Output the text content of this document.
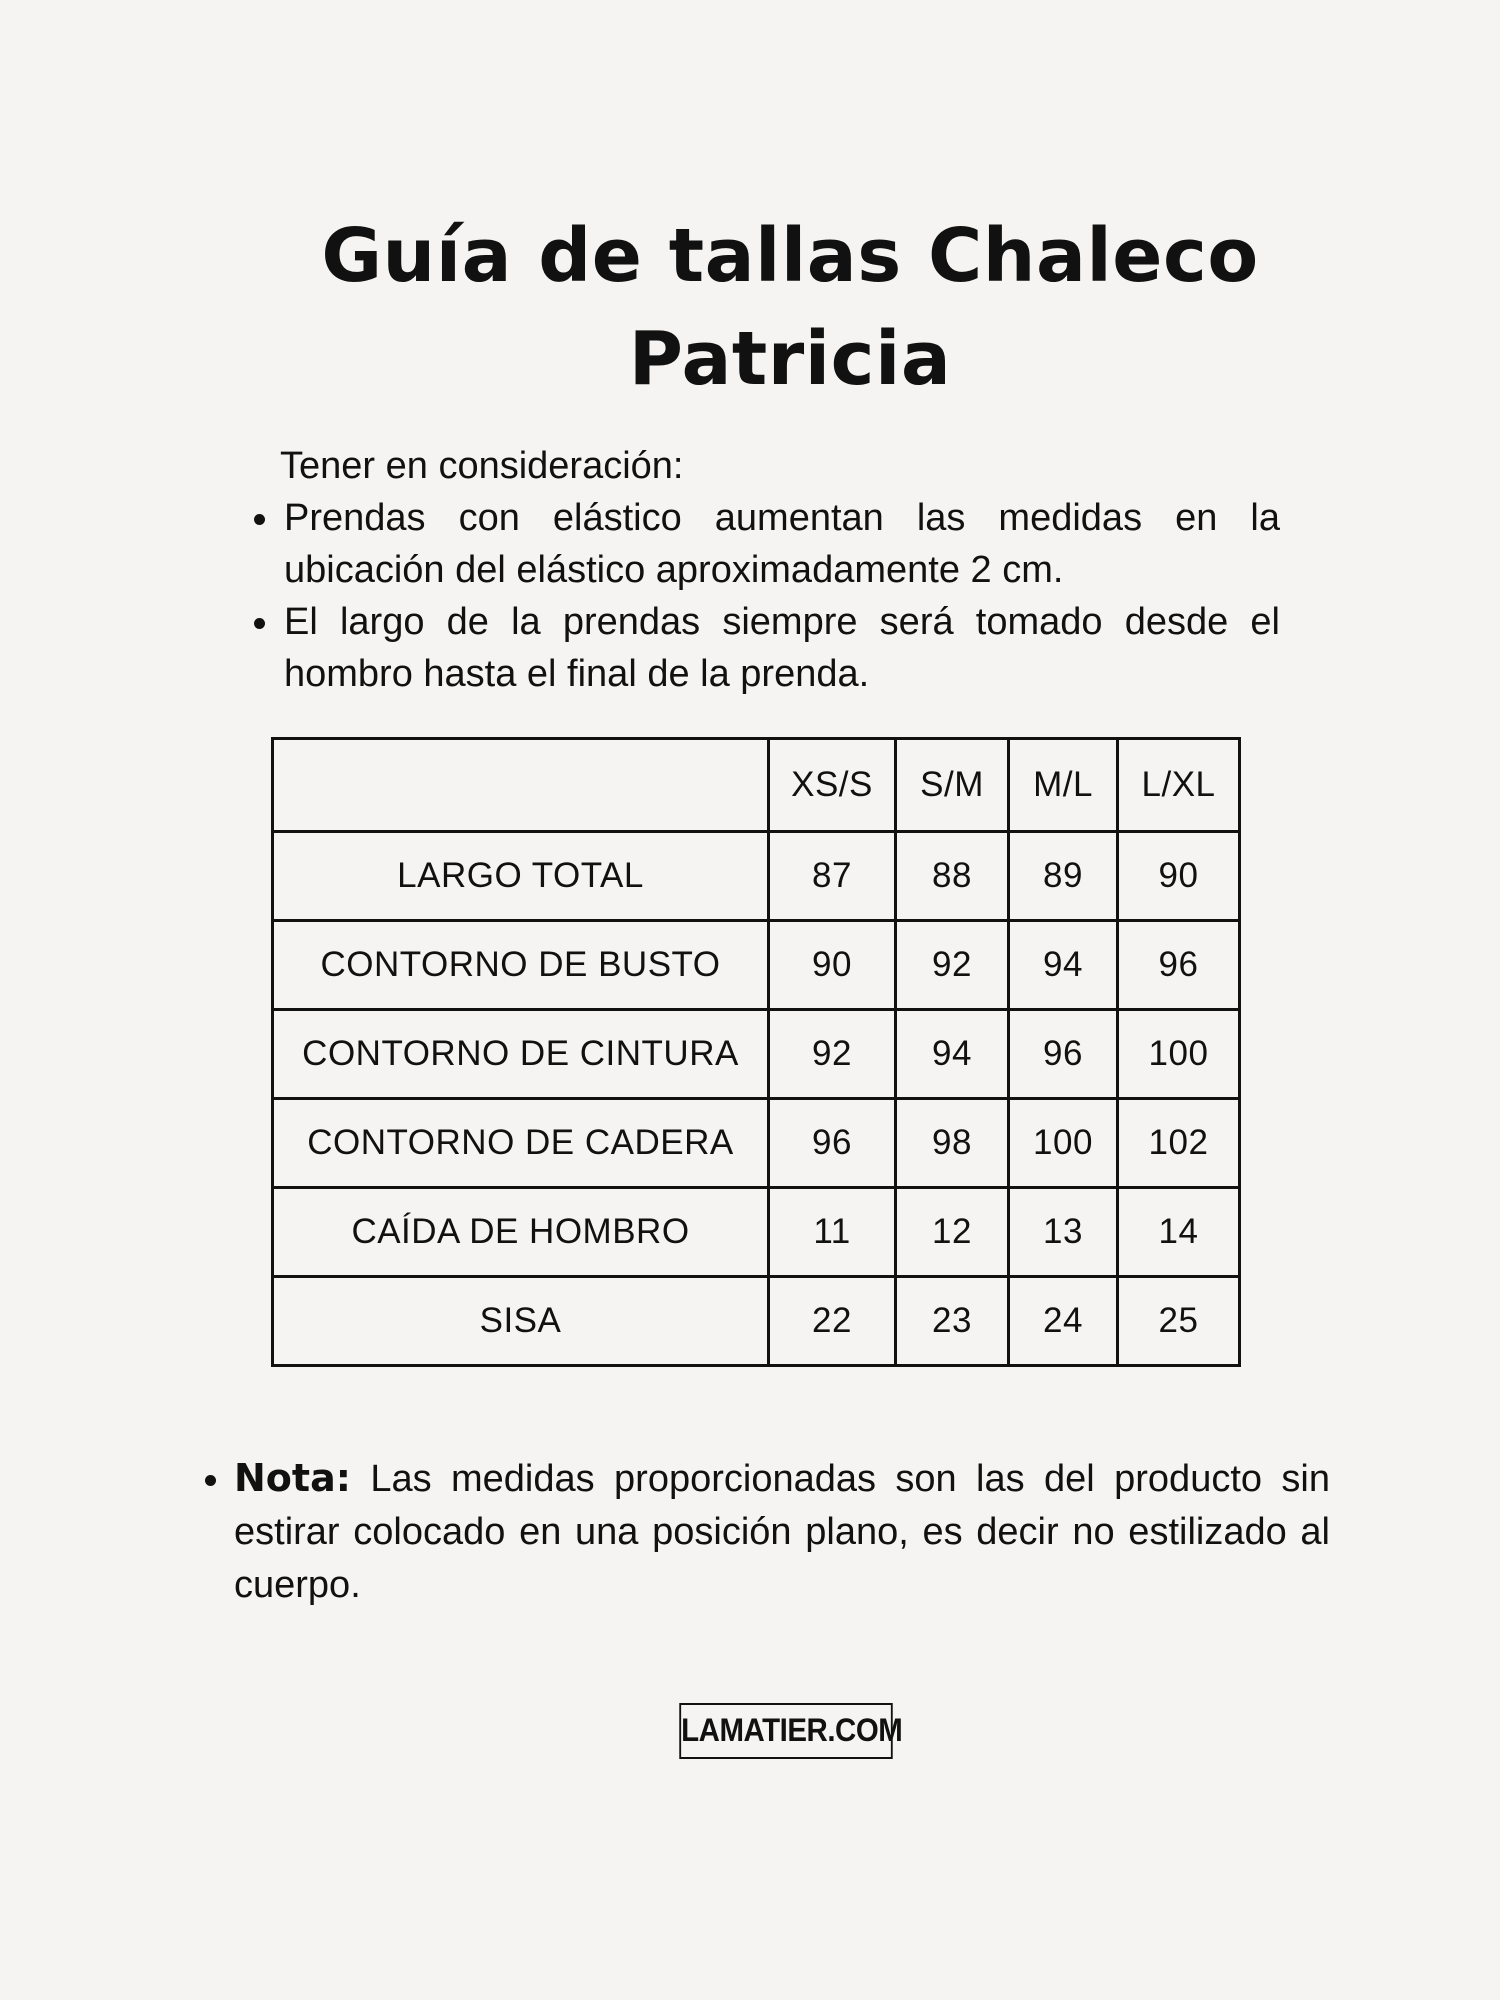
Guía de tallas Chaleco
Patricia
Tener en consideración:
Prendas con elástico aumentan las medidas en la ubicación del elástico aproximadamente 2 cm.
El largo de la prendas siempre será tomado desde el hombro hasta el final de la prenda.
	XS/S	S/M	M/L	L/XL
LARGO TOTAL	87	88	89	90
CONTORNO DE BUSTO	90	92	94	96
CONTORNO DE CINTURA	92	94	96	100
CONTORNO DE CADERA	96	98	100	102
CAÍDA DE HOMBRO	11	12	13	14
SISA	22	23	24	25
Nota: Las medidas proporcionadas son las del producto sin estirar colocado en una posición plano, es decir no estilizado al cuerpo.
LAMATIER.COM
